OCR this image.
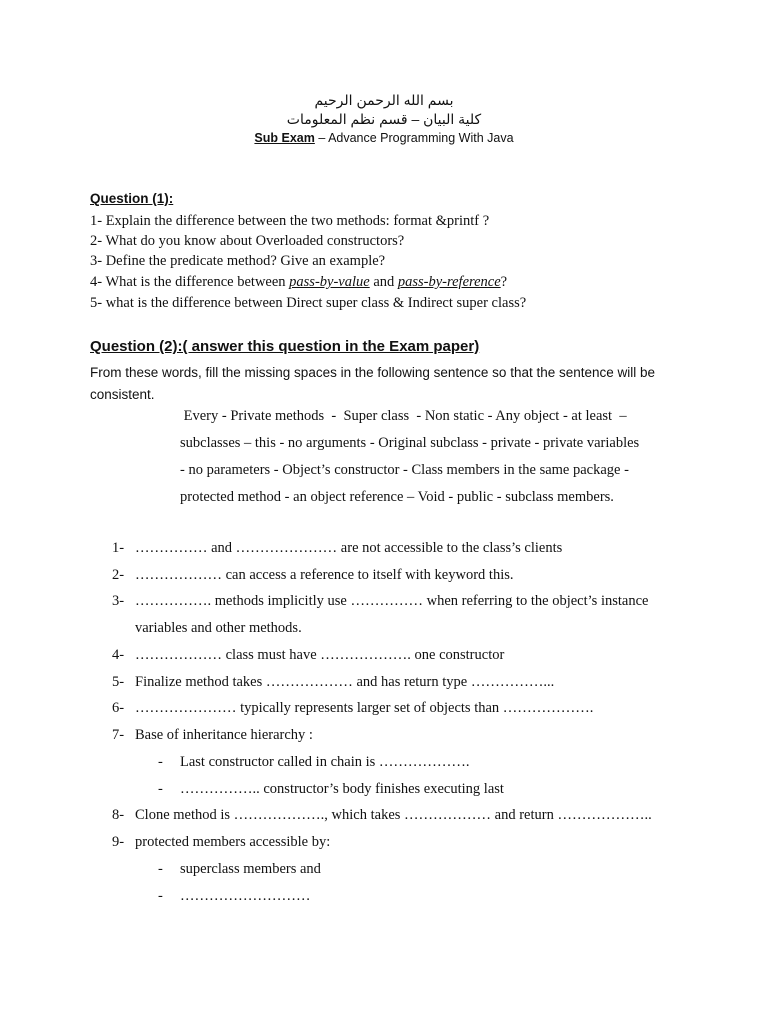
بسم الله الرحمن الرحيم
كلية البيان – قسم نظم المعلومات
Sub Exam – Advance Programming With Java
Question (1):
1- Explain the difference between the two methods: format &printf ?
2- What do you know about Overloaded constructors?
3- Define the predicate method? Give an example?
4- What is the difference between pass-by-value and pass-by-reference?
5- what is the difference between Direct super class & Indirect super class?
Question (2):( answer this question in the Exam paper)
From these words, fill the missing spaces in the following sentence so that the sentence will be consistent.
Every - Private methods  -  Super class  - Non static - Any object - at least  –
subclasses – this - no arguments - Original subclass - private - private variables
- no parameters - Object’s constructor - Class members in the same package -
protected method - an object reference – Void - public - subclass members.
1- …………… and ………………… are not accessible to the class’s clients
2- ……………… can access a reference to itself with keyword this.
3- ……………. methods implicitly use …………… when referring to the object’s instance
variables and other methods.
4- ……………… class must have ………………. one constructor
5- Finalize method takes ……………… and has return type ……………...
6- ………………… typically represents larger set of objects than ……………….
7- Base of inheritance hierarchy :
- Last constructor called in chain is ……………….
- …………….. constructor’s body finishes executing last
8- Clone method is ………………., which takes ……………… and return ………………..
9- protected members accessible by:
- superclass members and
- ………………………
